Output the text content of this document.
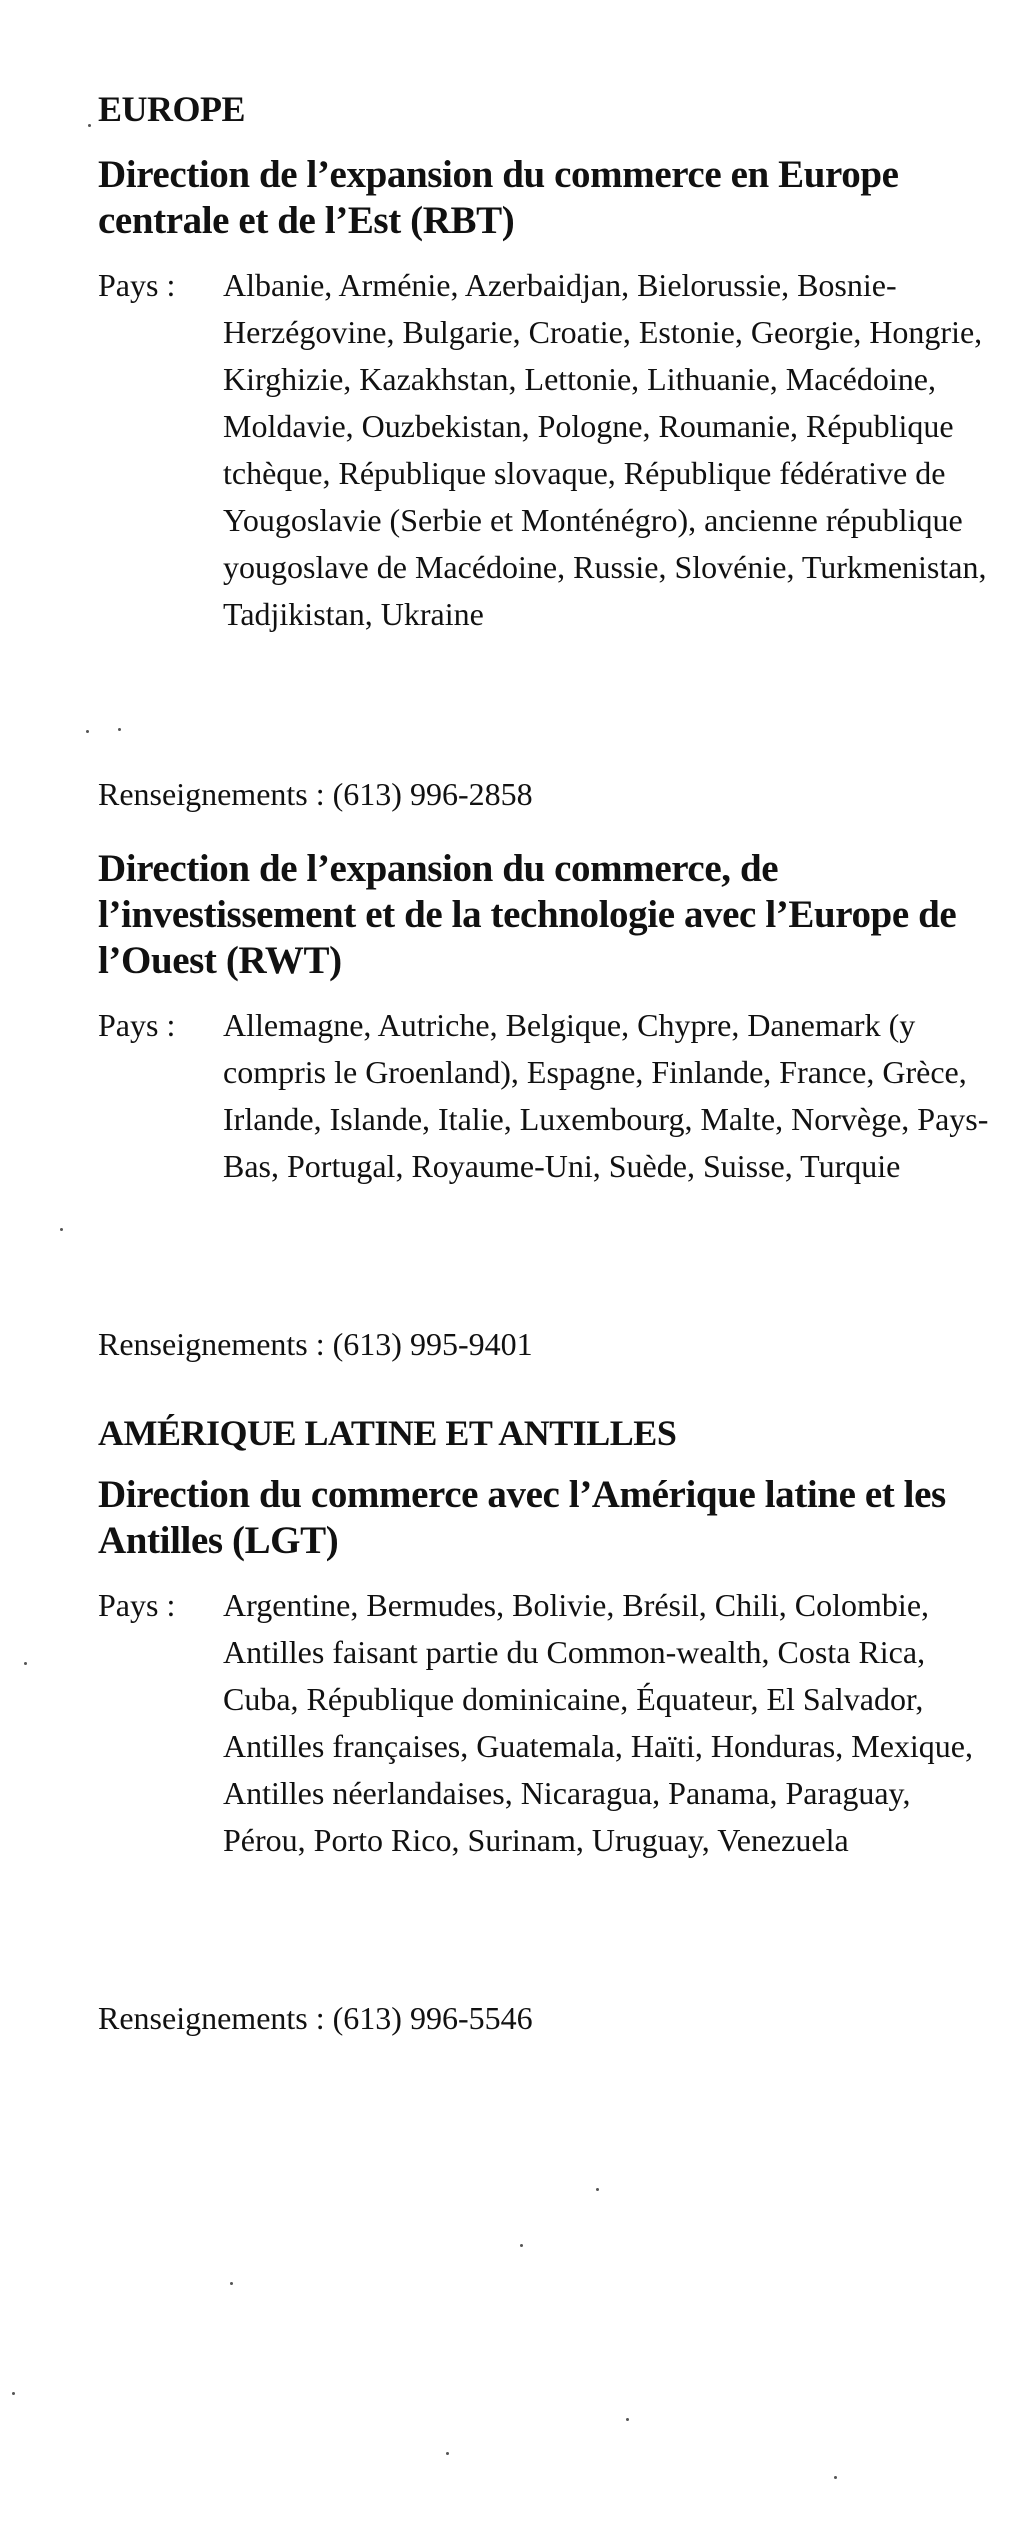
EUROPE
Direction de l’expansion du commerce en Europe centrale et de l’Est (RBT)
Pays :	Albanie, Arménie, Azerbaidjan, Bielorussie, Bosnie-Herzégovine, Bulgarie, Croatie, Estonie, Georgie, Hongrie, Kirghizie, Kazakhstan, Lettonie, Lithuanie, Macédoine, Moldavie, Ouzbekistan, Pologne, Roumanie, République tchèque, République slovaque, République fédérative de Yougoslavie (Serbie et Monténégro), ancienne république yougoslave de Macédoine, Russie, Slovénie, Turkmenistan, Tadjikistan, Ukraine
Renseignements : (613) 996-2858
Direction de l’expansion du commerce, de l’investissement et de la technologie avec l’Europe de l’Ouest (RWT)
Pays :	Allemagne, Autriche, Belgique, Chypre, Danemark (y compris le Groenland), Espagne, Finlande, France, Grèce, Irlande, Islande, Italie, Luxembourg, Malte, Norvège, Pays-Bas, Portugal, Royaume-Uni, Suède, Suisse, Turquie
Renseignements : (613) 995-9401
AMÉRIQUE LATINE ET ANTILLES
Direction du commerce avec l’Amérique latine et les Antilles (LGT)
Pays :	Argentine, Bermudes, Bolivie, Brésil, Chili, Colombie, Antilles faisant partie du Common-wealth, Costa Rica, Cuba, République dominicaine, Équateur, El Salvador, Antilles françaises, Guatemala, Haïti, Honduras, Mexique, Antilles néerlandaises, Nicaragua, Panama, Paraguay, Pérou, Porto Rico, Surinam, Uruguay, Venezuela
Renseignements : (613) 996-5546
